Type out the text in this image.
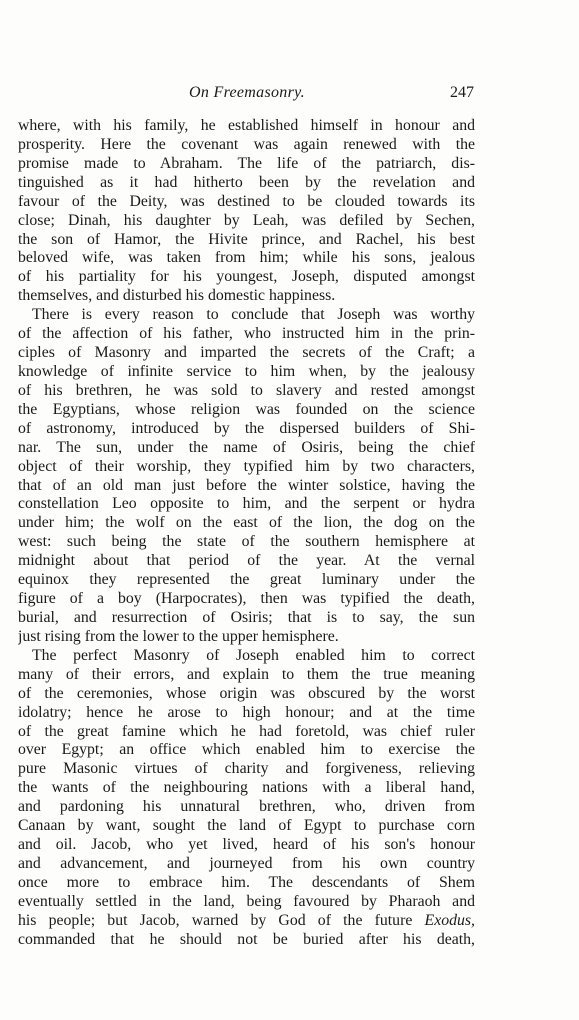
On Freemasonry.	247
where, with his family, he established himself in honour and
prosperity. Here the covenant was again renewed with the
promise made to Abraham. The life of the patriarch, dis-
tinguished as it had hitherto been by the revelation and
favour of the Deity, was destined to be clouded towards its
close; Dinah, his daughter by Leah, was defiled by Sechen,
the son of Hamor, the Hivite prince, and Rachel, his best
beloved wife, was taken from him; while his sons, jealous
of his partiality for his youngest, Joseph, disputed amongst
themselves, and disturbed his domestic happiness.
There is every reason to conclude that Joseph was worthy
of the affection of his father, who instructed him in the prin-
ciples of Masonry and imparted the secrets of the Craft; a
knowledge of infinite service to him when, by the jealousy
of his brethren, he was sold to slavery and rested amongst
the Egyptians, whose religion was founded on the science
of astronomy, introduced by the dispersed builders of Shi-
nar. The sun, under the name of Osiris, being the chief
object of their worship, they typified him by two characters,
that of an old man just before the winter solstice, having the
constellation Leo opposite to him, and the serpent or hydra
under him; the wolf on the east of the lion, the dog on the
west: such being the state of the southern hemisphere at
midnight about that period of the year. At the vernal
equinox they represented the great luminary under the
figure of a boy (Harpocrates), then was typified the death,
burial, and resurrection of Osiris; that is to say, the sun
just rising from the lower to the upper hemisphere.
The perfect Masonry of Joseph enabled him to correct
many of their errors, and explain to them the true meaning
of the ceremonies, whose origin was obscured by the worst
idolatry; hence he arose to high honour; and at the time
of the great famine which he had foretold, was chief ruler
over Egypt; an office which enabled him to exercise the
pure Masonic virtues of charity and forgiveness, relieving
the wants of the neighbouring nations with a liberal hand,
and pardoning his unnatural brethren, who, driven from
Canaan by want, sought the land of Egypt to purchase corn
and oil. Jacob, who yet lived, heard of his son's honour
and advancement, and journeyed from his own country
once more to embrace him. The descendants of Shem
eventually settled in the land, being favoured by Pharaoh and
his people; but Jacob, warned by God of the future Exodus,
commanded that he should not be buried after his death,
